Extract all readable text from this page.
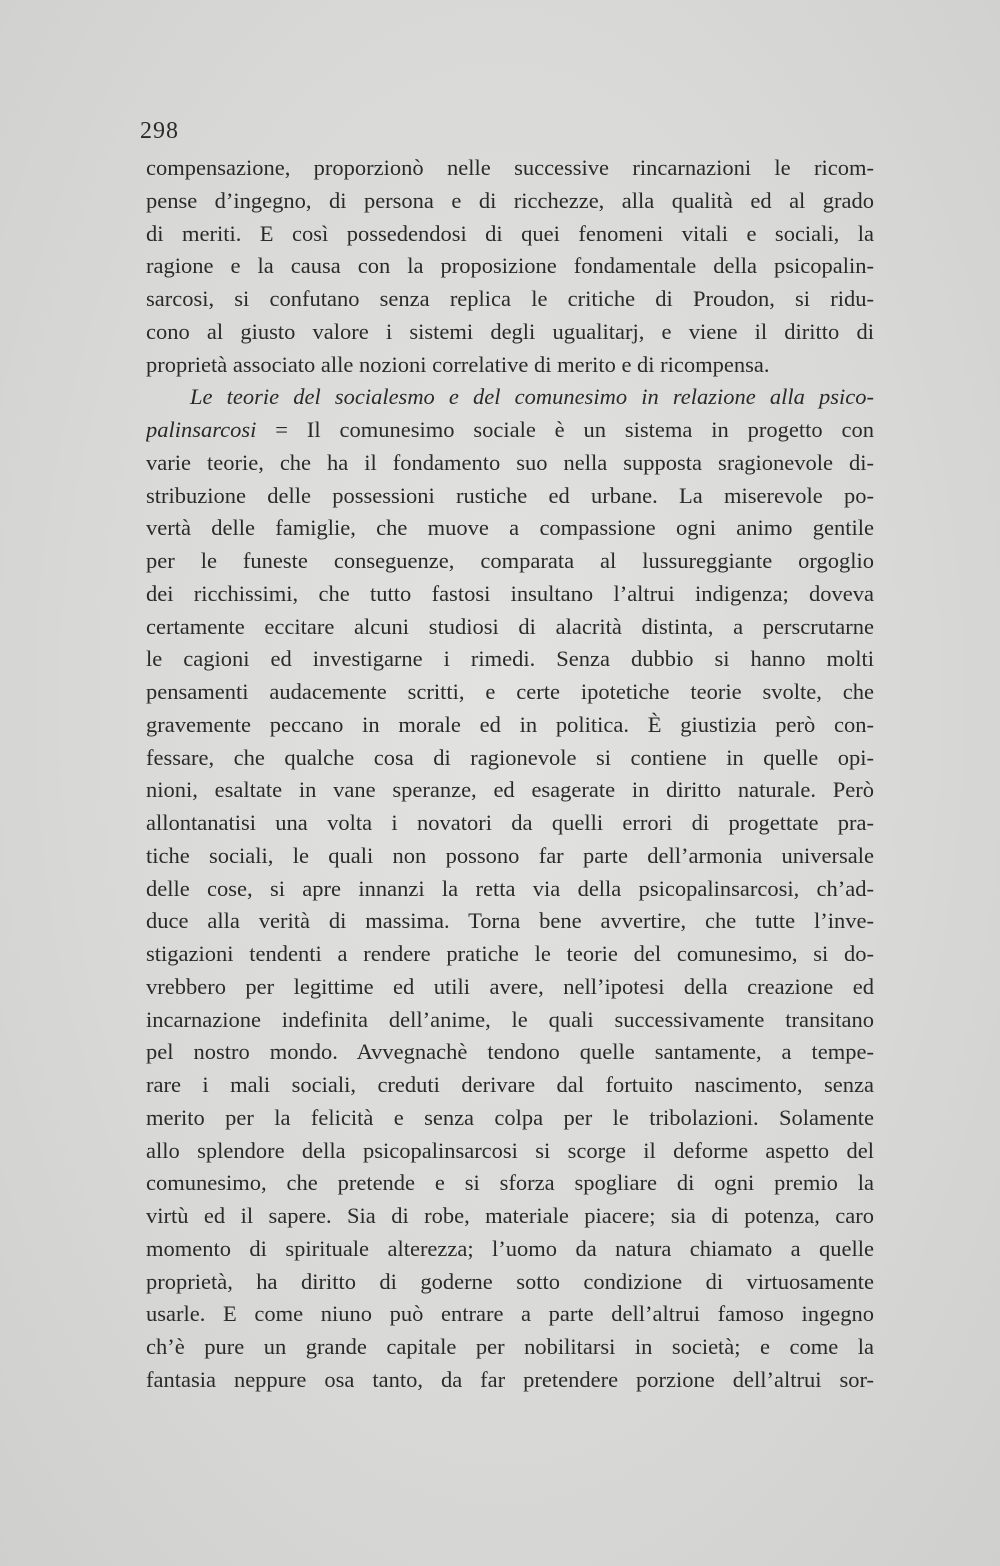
298
compensazione, proporzionò nelle successive rincarnazioni le ricom-
pense d’ingegno, di persona e di ricchezze, alla qualità ed al grado
di meriti. E così possedendosi di quei fenomeni vitali e sociali, la
ragione e la causa con la proposizione fondamentale della psicopalin-
sarcosi, si confutano senza replica le critiche di Proudon, si ridu-
cono al giusto valore i sistemi degli ugualitarj, e viene il diritto di
proprietà associato alle nozioni correlative di merito e di ricompensa.
Le teorie del socialesmo e del comunesimo in relazione alla psico-
palinsarcosi = Il comunesimo sociale è un sistema in progetto con
varie teorie, che ha il fondamento suo nella supposta sragionevole di-
stribuzione delle possessioni rustiche ed urbane. La miserevole po-
vertà delle famiglie, che muove a compassione ogni animo gentile
per le funeste conseguenze, comparata al lussureggiante orgoglio
dei ricchissimi, che tutto fastosi insultano l’altrui indigenza; doveva
certamente eccitare alcuni studiosi di alacrità distinta, a perscrutarne
le cagioni ed investigarne i rimedi. Senza dubbio si hanno molti
pensamenti audacemente scritti, e certe ipotetiche teorie svolte, che
gravemente peccano in morale ed in politica. È giustizia però con-
fessare, che qualche cosa di ragionevole si contiene in quelle opi-
nioni, esaltate in vane speranze, ed esagerate in diritto naturale. Però
allontanatisi una volta i novatori da quelli errori di progettate pra-
tiche sociali, le quali non possono far parte dell’armonia universale
delle cose, si apre innanzi la retta via della psicopalinsarcosi, ch’ad-
duce alla verità di massima. Torna bene avvertire, che tutte l’inve-
stigazioni tendenti a rendere pratiche le teorie del comunesimo, si do-
vrebbero per legittime ed utili avere, nell’ipotesi della creazione ed
incarnazione indefinita dell’anime, le quali successivamente transitano
pel nostro mondo. Avvegnachè tendono quelle santamente, a tempe-
rare i mali sociali, creduti derivare dal fortuito nascimento, senza
merito per la felicità e senza colpa per le tribolazioni. Solamente
allo splendore della psicopalinsarcosi si scorge il deforme aspetto del
comunesimo, che pretende e si sforza spogliare di ogni premio la
virtù ed il sapere. Sia di robe, materiale piacere; sia di potenza, caro
momento di spirituale alterezza; l’uomo da natura chiamato a quelle
proprietà, ha diritto di goderne sotto condizione di virtuosamente
usarle. E come niuno può entrare a parte dell’altrui famoso ingegno
ch’è pure un grande capitale per nobilitarsi in società; e come la
fantasia neppure osa tanto, da far pretendere porzione dell’altrui sor-
